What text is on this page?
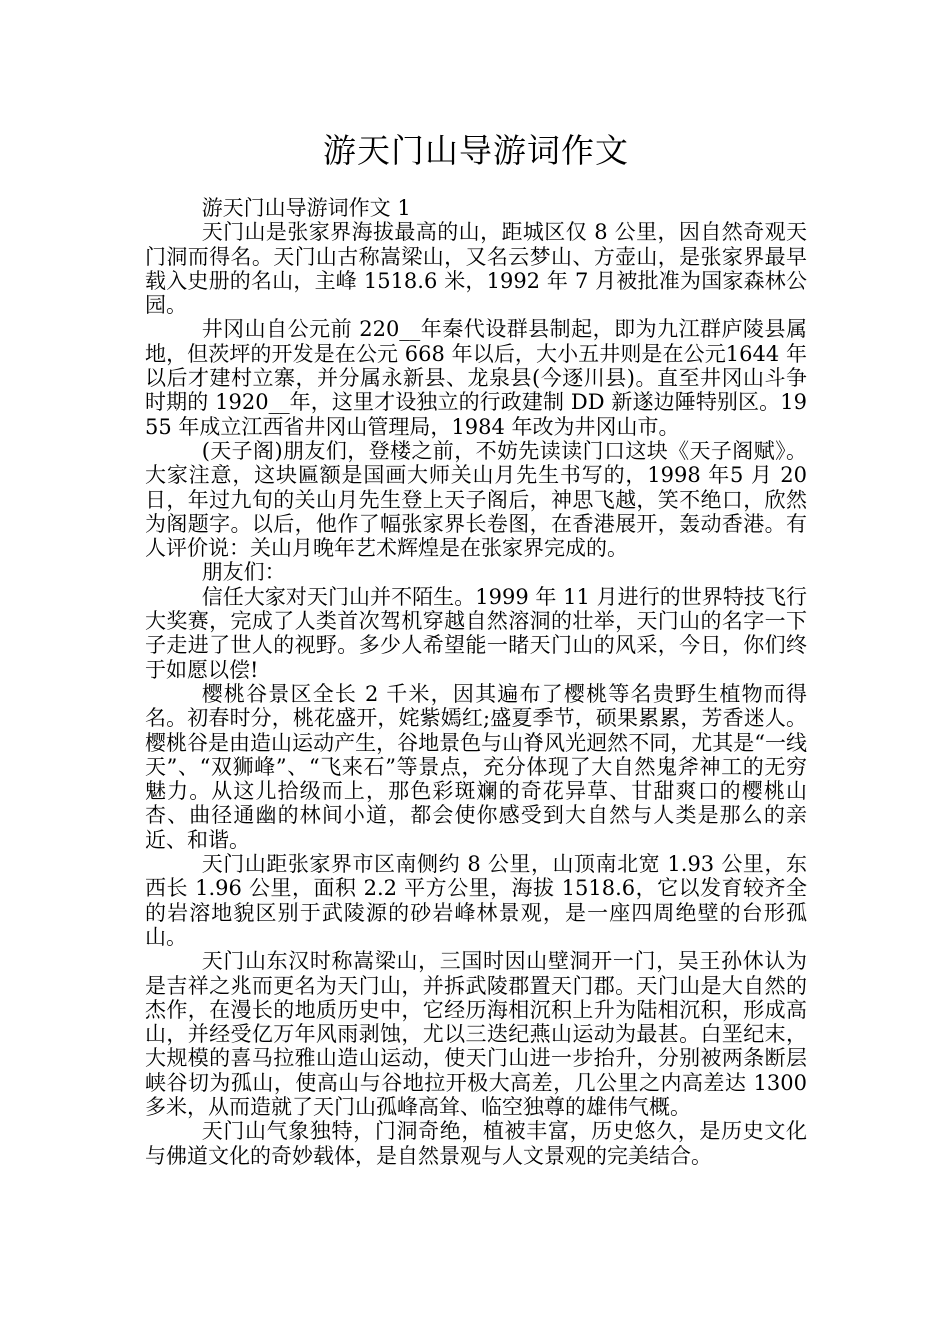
游天门山导游词作文

游天门山导游词作文 1

天门山是张家界海拔最高的山，距城区仅 8 公里，因自然奇观天门洞而得名。天门山古称嵩梁山，又名云梦山、方壶山，是张家界最早载入史册的名山，主峰 1518.6 米，1992 年 7 月被批准为国家森林公园。

井冈山自公元前 220__年秦代设群县制起，即为九江群庐陵县属地，但茨坪的开发是在公元 668 年以后，大小五井则是在公元1644 年以后才建村立寨，并分属永新县、龙泉县(今逐川县)。直至井冈山斗争时期的 1920__年，这里才设独立的行政建制 DD 新遂边陲特别区。1955 年成立江西省井冈山管理局，1984 年改为井冈山市。

(天子阁)朋友们，登楼之前，不妨先读读门口这块《天子阁赋》。大家注意，这块匾额是国画大师关山月先生书写的，1998 年5 月 20 日，年过九旬的关山月先生登上天子阁后，神思飞越，笑不绝口，欣然为阁题字。以后，他作了幅张家界长卷图，在香港展开，轰动香港。有人评价说：关山月晚年艺术辉煌是在张家界完成的。

朋友们：

信任大家对天门山并不陌生。1999 年 11 月进行的世界特技飞行大奖赛，完成了人类首次驾机穿越自然溶洞的壮举，天门山的名字一下子走进了世人的视野。多少人希望能一睹天门山的风采，今日，你们终于如愿以偿!

樱桃谷景区全长 2 千米，因其遍布了樱桃等名贵野生植物而得名。初春时分，桃花盛开，姹紫嫣红;盛夏季节，硕果累累，芳香迷人。樱桃谷是由造山运动产生，谷地景色与山脊风光迥然不同，尤其是“一线天”、“双狮峰”、“飞来石”等景点，充分体现了大自然鬼斧神工的无穷魅力。从这儿拾级而上，那色彩斑斓的奇花异草、甘甜爽口的樱桃山杏、曲径通幽的林间小道，都会使你感受到大自然与人类是那么的亲近、和谐。

天门山距张家界市区南侧约 8 公里，山顶南北宽 1.93 公里，东西长 1.96 公里，面积 2.2 平方公里，海拔 1518.6，它以发育较齐全的岩溶地貌区别于武陵源的砂岩峰林景观，是一座四周绝壁的台形孤山。

天门山东汉时称嵩梁山，三国时因山壁洞开一门，吴王孙休认为是吉祥之兆而更名为天门山，并拆武陵郡置天门郡。天门山是大自然的杰作，在漫长的地质历史中，它经历海相沉积上升为陆相沉积，形成高山，并经受亿万年风雨剥蚀，尤以三迭纪燕山运动为最甚。白垩纪末，大规模的喜马拉雅山造山运动，使天门山进一步抬升，分别被两条断层峡谷切为孤山，使高山与谷地拉开极大高差，几公里之内高差达 1300 多米，从而造就了天门山孤峰高耸、临空独尊的雄伟气概。

天门山气象独特，门洞奇绝，植被丰富，历史悠久，是历史文化与佛道文化的奇妙载体，是自然景观与人文景观的完美结合。
